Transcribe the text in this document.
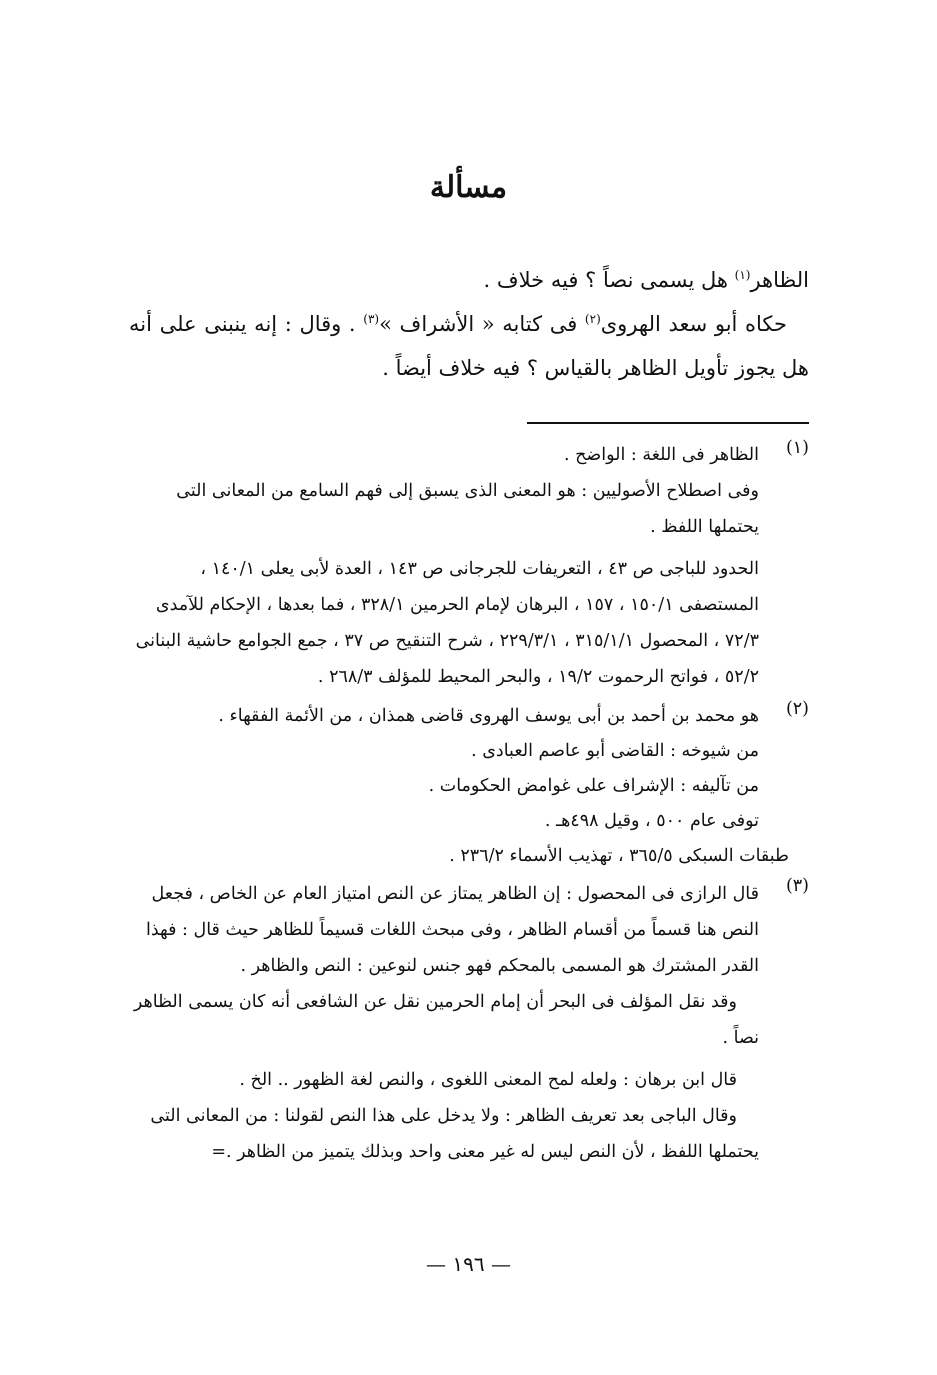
مسألة

الظاهر$^{(١)}$ هل يسمى نصاً ؟ فيه خلاف .

حكاه أبو سعد الهروى$^{(٢)}$ فى كتابه « الأشراف »$^{(٣)}$ . وقال : إنه ينبنى على أنه هل يجوز تأويل الظاهر بالقياس ؟ فيه خلاف أيضاً .

(١)

الظاهر فى اللغة : الواضح .

وفى اصطلاح الأصوليين : هو المعنى الذى يسبق إلى فهم السامع من المعانى التى يحتملها اللفظ .

الحدود للباجى ص ٤٣ ، التعريفات للجرجانى ص ١٤٣ ، العدة لأبى يعلى ١٤٠/١ ، المستصفى ١٥٠/١ ، ١٥٧ ، البرهان لإمام الحرمين ٣٢٨/١ ، فما بعدها ، الإحكام للآمدى ٧٢/٣ ، المحصول ٣١٥/١/١ ، ٢٢٩/٣/١ ، شرح التنقيح ص ٣٧ ، جمع الجوامع حاشية البنانى ٥٢/٢ ، فواتح الرحموت ١٩/٢ ، والبحر المحيط للمؤلف ٢٦٨/٣ .

(٢)

هو محمد بن أحمد بن أبى يوسف الهروى قاضى همذان ، من الأئمة الفقهاء .

من شيوخه : القاضى أبو عاصم العبادى .

من تآليفه : الإشراف على غوامض الحكومات .

توفى عام ٥٠٠ ، وقيل ٤٩٨هـ .

طبقات السبكى ٣٦٥/٥ ، تهذيب الأسماء ٢٣٦/٢ .

(٣)

قال الرازى فى المحصول : إن الظاهر يمتاز عن النص امتياز العام عن الخاص ، فجعل النص هنا قسماً من أقسام الظاهر ، وفى مبحث اللغات قسيماً للظاهر حيث قال : فهذا القدر المشترك هو المسمى بالمحكم فهو جنس لنوعين : النص والظاهر .

وقد نقل المؤلف فى البحر أن إمام الحرمين نقل عن الشافعى أنه كان يسمى الظاهر نصاً .

قال ابن برهان : ولعله لمح المعنى اللغوى ، والنص لغة الظهور .. الخ .

وقال الباجى بعد تعريف الظاهر : ولا يدخل على هذا النص لقولنا : من المعانى التى يحتملها اللفظ ، لأن النص ليس له غير معنى واحد وبذلك يتميز من الظاهر .=

— ١٩٦ —
